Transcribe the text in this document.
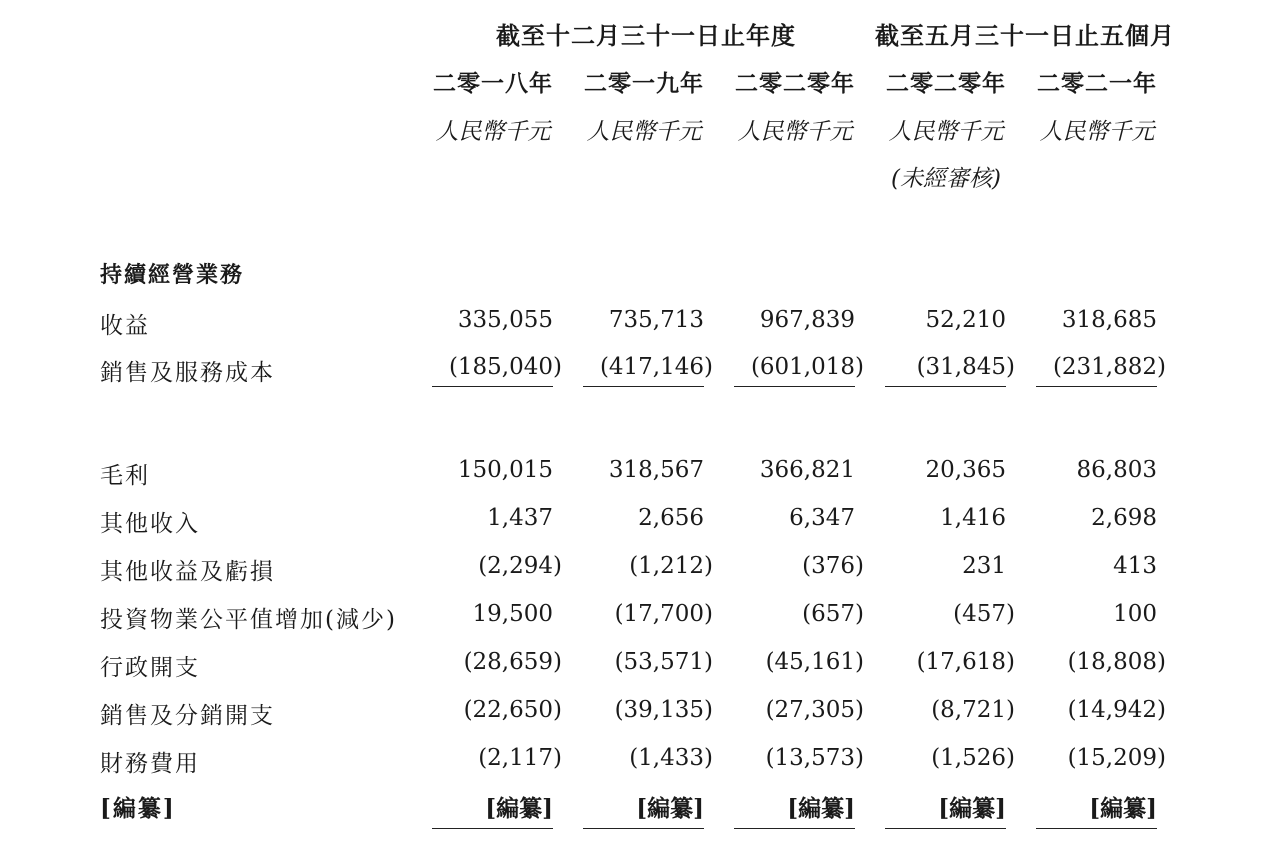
截至十二月三十一日止年度	截至五月三十一日止五個月
二零一八年	二零一九年	二零二零年	二零二零年	二零二一年
人民幣千元	人民幣千元	人民幣千元	人民幣千元	人民幣千元
(未經審核)
持續經營業務
收益	335,055	735,713	967,839	52,210	318,685
銷售及服務成本	(185,040)	(417,146)	(601,018)	(31,845)	(231,882)
毛利	150,015	318,567	366,821	20,365	86,803
其他收入	1,437	2,656	6,347	1,416	2,698
其他收益及虧損	(2,294)	(1,212)	(376)	231	413
投資物業公平值增加(減少)	19,500	(17,700)	(657)	(457)	100
行政開支	(28,659)	(53,571)	(45,161)	(17,618)	(18,808)
銷售及分銷開支	(22,650)	(39,135)	(27,305)	(8,721)	(14,942)
財務費用	(2,117)	(1,433)	(13,573)	(1,526)	(15,209)
[編纂]	[編纂]	[編纂]	[編纂]	[編纂]	[編纂]
